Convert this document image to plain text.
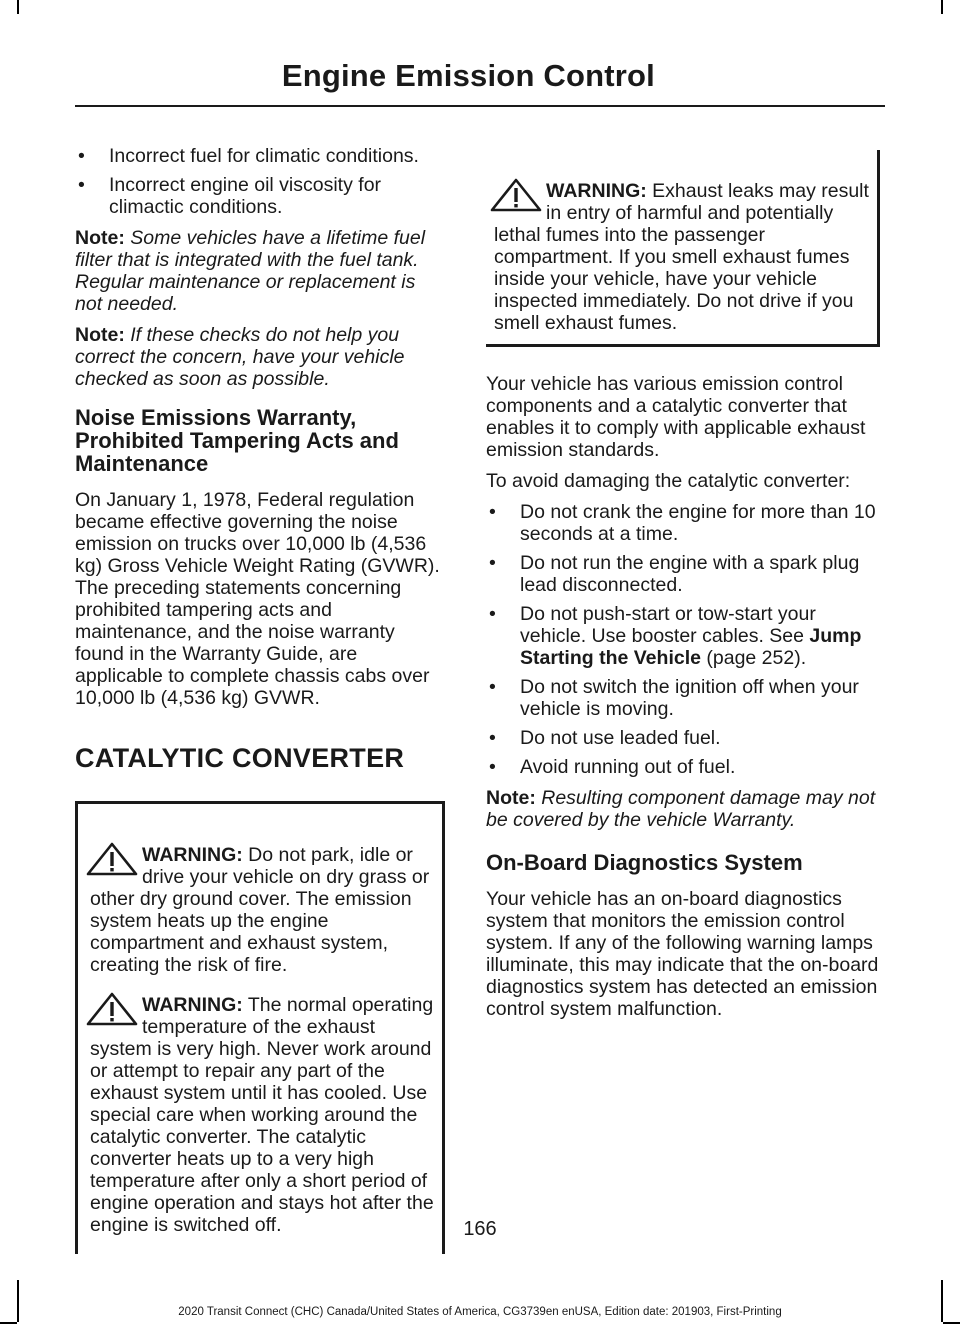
Engine Emission Control
• Incorrect fuel for climatic conditions.
• Incorrect engine oil viscosity for climactic conditions.

Note: Some vehicles have a lifetime fuel filter that is integrated with the fuel tank. Regular maintenance or replacement is not needed.

Note: If these checks do not help you correct the concern, have your vehicle checked as soon as possible.

Noise Emissions Warranty, Prohibited Tampering Acts and Maintenance

On January 1, 1978, Federal regulation became effective governing the noise emission on trucks over 10,000 lb (4,536 kg) Gross Vehicle Weight Rating (GVWR). The preceding statements concerning prohibited tampering acts and maintenance, and the noise warranty found in the Warranty Guide, are applicable to complete chassis cabs over 10,000 lb (4,536 kg) GVWR.

CATALYTIC CONVERTER
WARNING: Do not park, idle or drive your vehicle on dry grass or other dry ground cover. The emission system heats up the engine compartment and exhaust system, creating the risk of fire.
WARNING: The normal operating temperature of the exhaust system is very high. Never work around or attempt to repair any part of the exhaust system until it has cooled. Use special care when working around the catalytic converter. The catalytic converter heats up to a very high temperature after only a short period of engine operation and stays hot after the engine is switched off.
WARNING: Exhaust leaks may result in entry of harmful and potentially lethal fumes into the passenger compartment. If you smell exhaust fumes inside your vehicle, have your vehicle inspected immediately. Do not drive if you smell exhaust fumes.

Your vehicle has various emission control components and a catalytic converter that enables it to comply with applicable exhaust emission standards.

To avoid damaging the catalytic converter:

• Do not crank the engine for more than 10 seconds at a time.
• Do not run the engine with a spark plug lead disconnected.
• Do not push-start or tow-start your vehicle. Use booster cables. See Jump Starting the Vehicle (page 252).
• Do not switch the ignition off when your vehicle is moving.
• Do not use leaded fuel.
• Avoid running out of fuel.

Note: Resulting component damage may not be covered by the vehicle Warranty.

On-Board Diagnostics System

Your vehicle has an on-board diagnostics system that monitors the emission control system. If any of the following warning lamps illuminate, this may indicate that the on-board diagnostics system has detected an emission control system malfunction.

166
2020 Transit Connect (CHC) Canada/United States of America, CG3739en enUSA, Edition date: 201903, First-Printing
